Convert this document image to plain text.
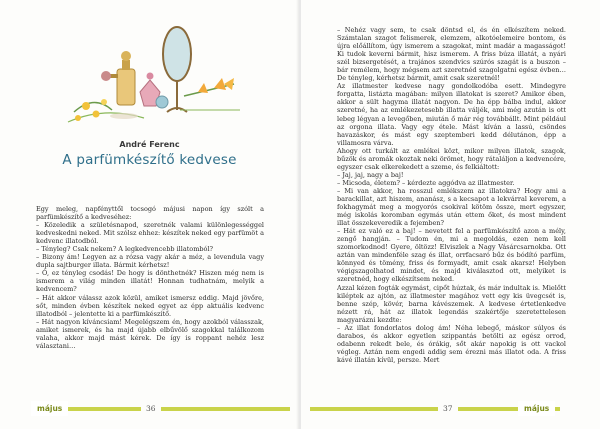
André Ferenc
A parfümkészítő kedvese

Egy meleg, napfényttől tocsogó májusi napon így szólt a parfümkészítő a kedveséhez:

– Közeledik a születésnapod, szeretnék valami különlegességgel kedveskedni neked. Mit szólsz ehhez: készítek neked egy parfümöt a kedvenc illatodból.

– Tényleg? Csak nekem? A legkedvencebb illatomból?

– Bizony ám! Legyen az a rózsa vagy akár a méz, a levendula vagy dupla sajtburger illata. Bármit kérhetsz!

– Ó, ez tényleg csodás! De hogy is dönthetnék? Hiszen még nem is ismerem a világ minden illatát! Honnan tudhatnám, melyik a kedvencem?

– Hát akkor válassz azok közül, amiket ismersz eddig. Majd jövőre, sőt, minden évben készítek neked egyet az épp aktuális kedvenc illatodból – jelentette ki a parfümkészítő.

– Hát nagyon kíváncsiam! Megelégszem én, hogy azokból válasszak, amiket ismerek, és ha majd újabb elbűvölő szagokkal találkozom valaha, akkor majd mást kérek. De így is roppant nehéz lesz választani…

május	36	május
37

– Nehéz vagy sem, te csak döntsd el, és én elkészítem neked. Számtalan szagot felismerek, elemzem, alkotóelemeire bontom, és újra előállítom, úgy ismerem a szagokat, mint madár a magasságot! Ki tudok keverni bármit, hisz ismerem. A friss búza illatát, a nyári szél bizsergetését, a trajános szendvics szúrós szagát is a buszon – bár remélem, hogy mégsem azt szeretnéd szagolgatni egész évben… De tényleg, kérhetsz bármit, amit csak szeretnél!

Az illatmester kedvese nagy gondolkodóba esett. Mindegyre forgatta, listázta magában: milyen illatokat is szeret? Amikor ében, akkor a sült hagyma illatát nagyon. De ha épp bálba indul, akkor szeretné, ha az emlékezetesebb illatta váljék, ami még azután is ott lebeg légyan a levegőben, miután ő már rég továbbállt. Mint például az orgona illata. Vagy egy étele. Mást kíván a lassú, csöndes havazáskor, és mást egy szeptemberi kedd délutánon, épp a villamosra várva.

Ahogy ott turkált az emlékei közt, mikor milyen illatok, szagok, bűzök és aromák okoztak neki örömet, hogy rátaláljon a kedvencére, egyszer csak elkerekedett a szeme, és felkiáltott:

– Jaj, jaj, nagy a baj!

– Micsoda, életem? – kérdezte aggódva az illatmester.

– Mi van akkor, ha rosszul emlékszem az illatokra? Hogy ami a barackillat, azt hiszem, ananász, s a kecsapot a lekvárral keverem, a fokhagymát meg a mogyorós csokival kötöm össze, mert egyszer, még iskolás koromban egymás után ettem őket, és most mindent illat összekeveredik a fejemben?

– Hát ez való ez a baj! – nevetett fel a parfümkészítő azon a mély, zengő hangján. – Tudom én, mi a megoldás, ezen nem kell szomorkodnod! Gyere, öltözz! Elviszlek a Nagy Vásárcsarnokba. Ott aztán van mindenféle szag és illat, orrfacsaró bűz és bódító parfüm, könnyed és tömény, friss és formyadt, amit csak akarsz! Helyben végigszagolhatod mindet, és majd kiválasztod ott, melyiket is szeretnéd, hogy elkészítsem neked.

Azzal kézen fogták egymást, cipőt húztak, és már indultak is. Mielőtt kiléptek az ajtón, az illatmester magához vett egy kis üvegcsét is, benne szép, kövér, barna kávészemek. A kedvese értetlenkedve nézett rá, hát az illatok legendás szakértője szeretettelesen magyarázni kezdte:

– Az illat fondorlatos dolog ám! Néha lebegő, máskor súlyos és darabos, és akkor egyetlen szippantás betölti az egész orrod, odabenn rekedt bele, és órákig, sőt akár napokig is ott vackol végleg. Aztán nem engedi addig sem érezni más illatot oda. A friss kávé illatán kívül, persze. Mert
